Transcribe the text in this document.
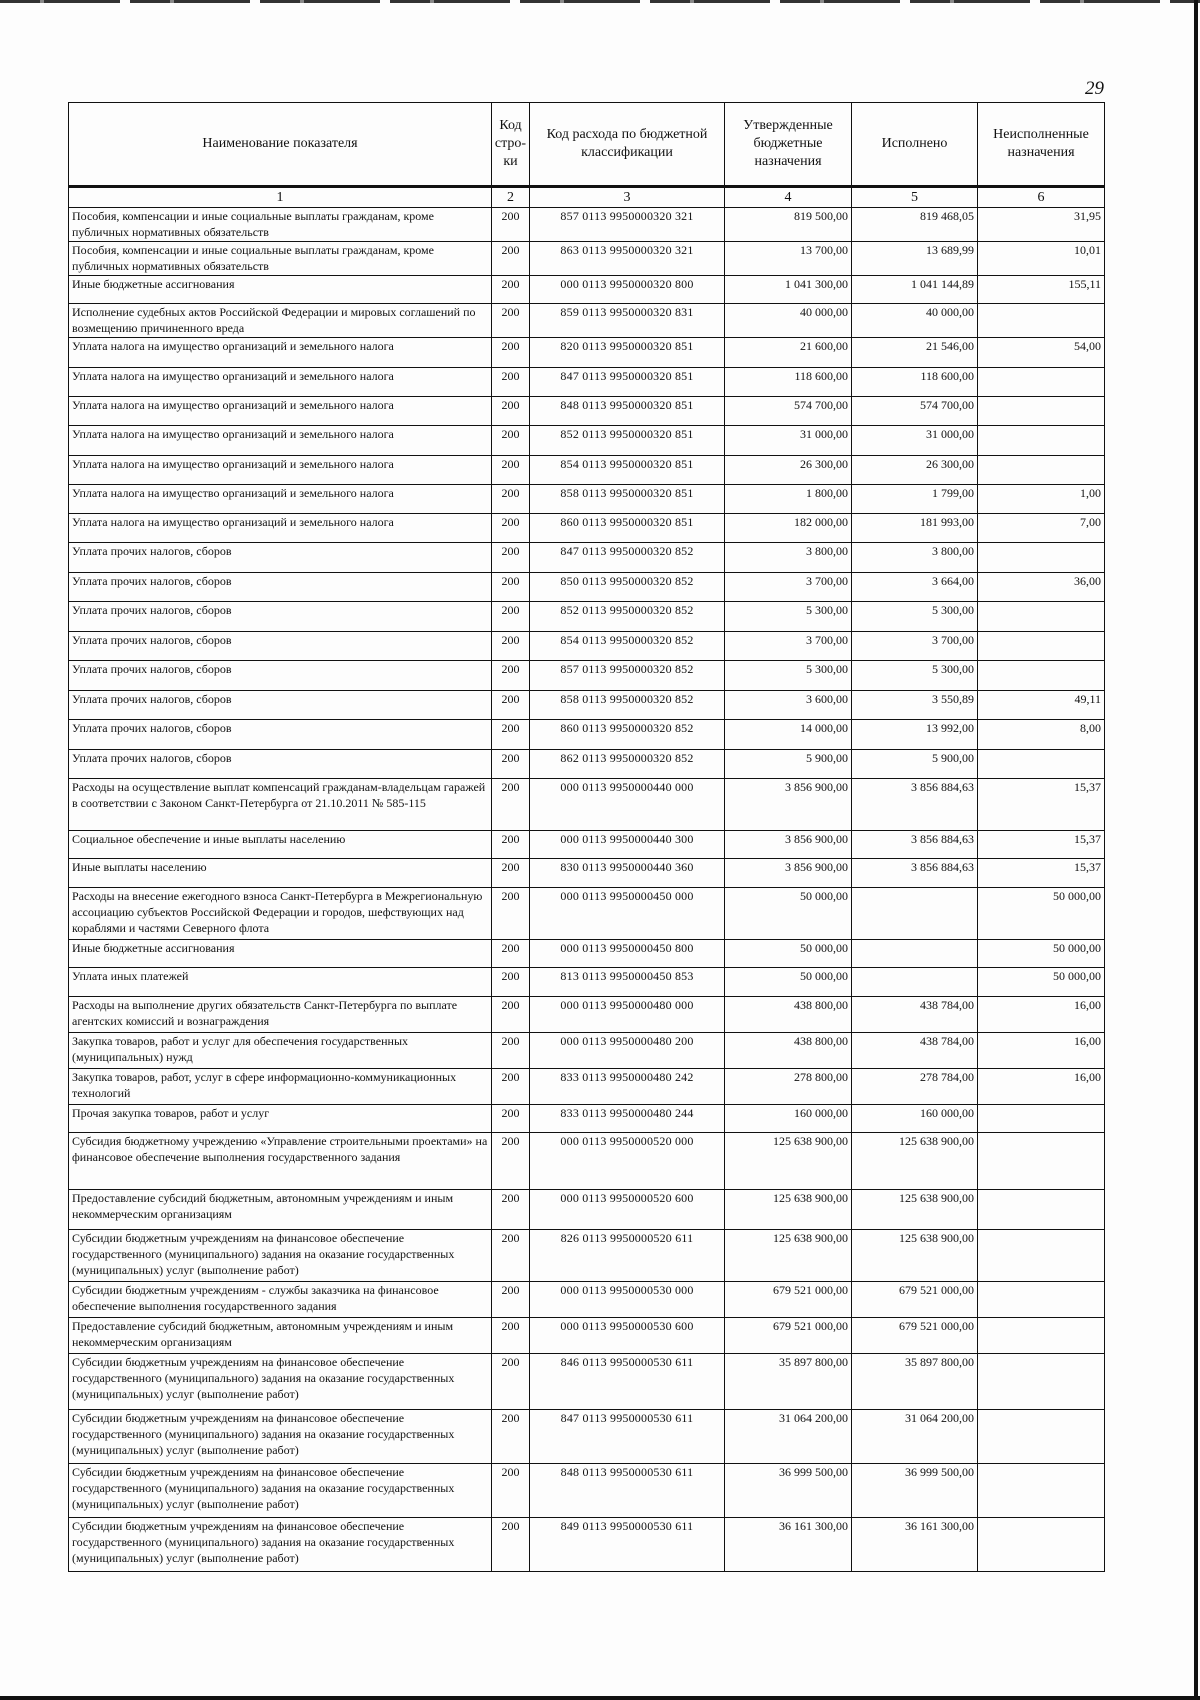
29
Наименование показателя	Код стро-ки	Код расхода по бюджетной классификации	Утвержденные бюджетные назначения	Исполнено	Неисполненные назначения
1	2	3	4	5	6
Пособия, компенсации и иные социальные выплаты гражданам, кроме публичных нормативных обязательств	200	857 0113 9950000320 321	819 500,00	819 468,05	31,95
Пособия, компенсации и иные социальные выплаты гражданам, кроме публичных нормативных обязательств	200	863 0113 9950000320 321	13 700,00	13 689,99	10,01
Иные бюджетные ассигнования	200	000 0113 9950000320 800	1 041 300,00	1 041 144,89	155,11
Исполнение судебных актов Российской Федерации и мировых соглашений по возмещению причиненного вреда	200	859 0113 9950000320 831	40 000,00	40 000,00	
Уплата налога на имущество организаций и земельного налога	200	820 0113 9950000320 851	21 600,00	21 546,00	54,00
Уплата налога на имущество организаций и земельного налога	200	847 0113 9950000320 851	118 600,00	118 600,00	
Уплата налога на имущество организаций и земельного налога	200	848 0113 9950000320 851	574 700,00	574 700,00	
Уплата налога на имущество организаций и земельного налога	200	852 0113 9950000320 851	31 000,00	31 000,00	
Уплата налога на имущество организаций и земельного налога	200	854 0113 9950000320 851	26 300,00	26 300,00	
Уплата налога на имущество организаций и земельного налога	200	858 0113 9950000320 851	1 800,00	1 799,00	1,00
Уплата налога на имущество организаций и земельного налога	200	860 0113 9950000320 851	182 000,00	181 993,00	7,00
Уплата прочих налогов, сборов	200	847 0113 9950000320 852	3 800,00	3 800,00	
Уплата прочих налогов, сборов	200	850 0113 9950000320 852	3 700,00	3 664,00	36,00
Уплата прочих налогов, сборов	200	852 0113 9950000320 852	5 300,00	5 300,00	
Уплата прочих налогов, сборов	200	854 0113 9950000320 852	3 700,00	3 700,00	
Уплата прочих налогов, сборов	200	857 0113 9950000320 852	5 300,00	5 300,00	
Уплата прочих налогов, сборов	200	858 0113 9950000320 852	3 600,00	3 550,89	49,11
Уплата прочих налогов, сборов	200	860 0113 9950000320 852	14 000,00	13 992,00	8,00
Уплата прочих налогов, сборов	200	862 0113 9950000320 852	5 900,00	5 900,00	
Расходы на осуществление выплат компенсаций гражданам-владельцам гаражей в соответствии с Законом Санкт-Петербурга от 21.10.2011 № 585-115	200	000 0113 9950000440 000	3 856 900,00	3 856 884,63	15,37
Социальное обеспечение и иные выплаты населению	200	000 0113 9950000440 300	3 856 900,00	3 856 884,63	15,37
Иные выплаты населению	200	830 0113 9950000440 360	3 856 900,00	3 856 884,63	15,37
Расходы на внесение ежегодного взноса Санкт-Петербурга в Межрегиональную ассоциацию субъектов Российской Федерации и городов, шефствующих над кораблями и частями Северного флота	200	000 0113 9950000450 000	50 000,00		50 000,00
Иные бюджетные ассигнования	200	000 0113 9950000450 800	50 000,00		50 000,00
Уплата иных платежей	200	813 0113 9950000450 853	50 000,00		50 000,00
Расходы на выполнение других обязательств Санкт-Петербурга по выплате агентских комиссий и вознаграждения	200	000 0113 9950000480 000	438 800,00	438 784,00	16,00
Закупка товаров, работ и услуг для обеспечения государственных (муниципальных) нужд	200	000 0113 9950000480 200	438 800,00	438 784,00	16,00
Закупка товаров, работ, услуг в сфере информационно-коммуникационных технологий	200	833 0113 9950000480 242	278 800,00	278 784,00	16,00
Прочая закупка товаров, работ и услуг	200	833 0113 9950000480 244	160 000,00	160 000,00	
Субсидия бюджетному учреждению «Управление строительными проектами» на финансовое обеспечение выполнения государственного задания	200	000 0113 9950000520 000	125 638 900,00	125 638 900,00	
Предоставление субсидий бюджетным, автономным учреждениям и иным некоммерческим организациям	200	000 0113 9950000520 600	125 638 900,00	125 638 900,00	
Субсидии бюджетным учреждениям на финансовое обеспечение государственного (муниципального) задания на оказание государственных (муниципальных) услуг (выполнение работ)	200	826 0113 9950000520 611	125 638 900,00	125 638 900,00	
Субсидии бюджетным учреждениям - службы заказчика на финансовое обеспечение выполнения государственного задания	200	000 0113 9950000530 000	679 521 000,00	679 521 000,00	
Предоставление субсидий бюджетным, автономным учреждениям и иным некоммерческим организациям	200	000 0113 9950000530 600	679 521 000,00	679 521 000,00	
Субсидии бюджетным учреждениям на финансовое обеспечение государственного (муниципального) задания на оказание государственных (муниципальных) услуг (выполнение работ)	200	846 0113 9950000530 611	35 897 800,00	35 897 800,00	
Субсидии бюджетным учреждениям на финансовое обеспечение государственного (муниципального) задания на оказание государственных (муниципальных) услуг (выполнение работ)	200	847 0113 9950000530 611	31 064 200,00	31 064 200,00	
Субсидии бюджетным учреждениям на финансовое обеспечение государственного (муниципального) задания на оказание государственных (муниципальных) услуг (выполнение работ)	200	848 0113 9950000530 611	36 999 500,00	36 999 500,00	
Субсидии бюджетным учреждениям на финансовое обеспечение государственного (муниципального) задания на оказание государственных (муниципальных) услуг (выполнение работ)	200	849 0113 9950000530 611	36 161 300,00	36 161 300,00	
